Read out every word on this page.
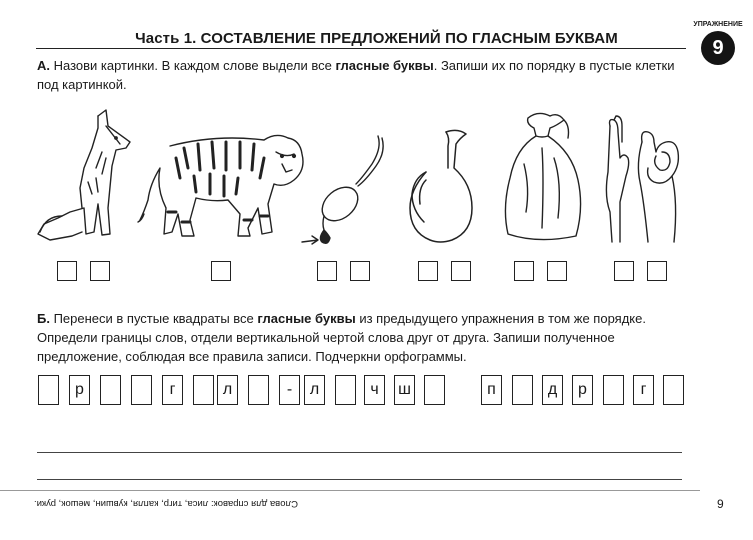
Часть 1. СОСТАВЛЕНИЕ ПРЕДЛОЖЕНИЙ ПО ГЛАСНЫМ БУКВАМ
УПРАЖНЕНИЕ
9
А. Назови картинки. В каждом слове выдели все гласные буквы. Запиши их по порядку в пустые клетки под картинкой.
Б. Перенеси в пустые квадраты все гласные буквы из предыдущего упражнения в том же порядке. Определи границы слов, отдели вертикальной чертой слова друг от друга. Запиши полученное предложение, соблюдая все правила записи. Подчеркни орфограммы.
р	г	л	-	л	ч	ш	п	д	р	г
Слова для справок: лиса, тигр, капля, кувшин, мешок, руки.	9
